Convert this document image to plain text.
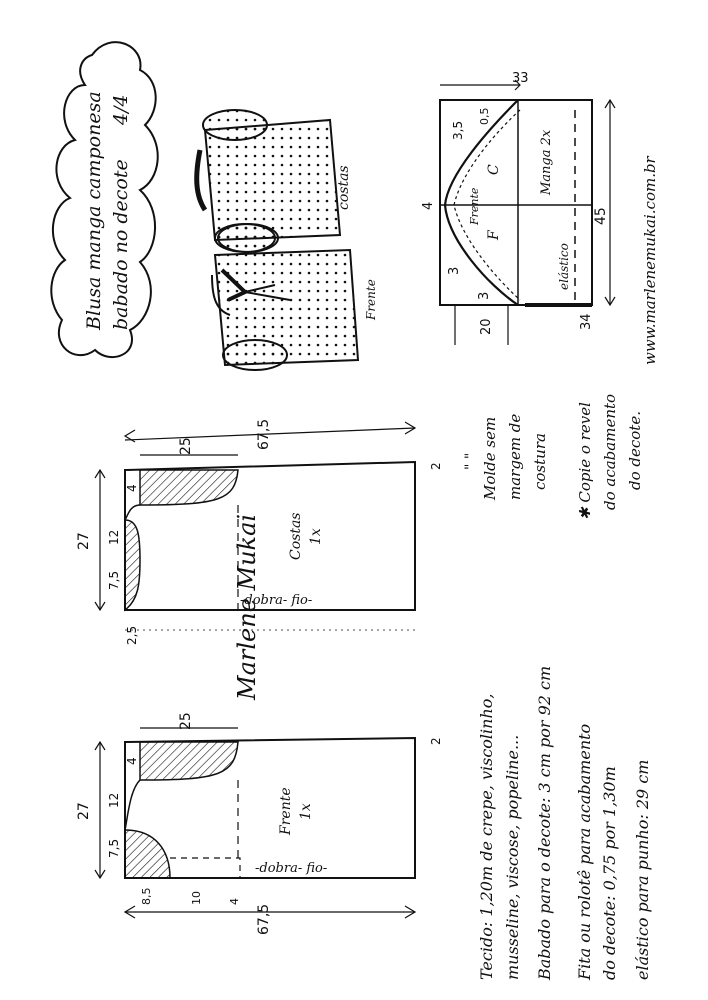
Blusa manga camponesa babado no decote
4/4
costas
Frente
33
3,5
0,5
4
3
3
20
45
34
Frente
F
C	Manga 2x
elástico	www.marlenemukai.com.br
" " Molde sem margem de costura ✱ Copie o revel do acabamento do decote.
67,5
25
2
27
4
12
7,5
2,5
Costas 1x
-dobra- fio-
25
2
27
4
12
7,5
8,5	10 4
67,5
Frente 1x
-dobra- fio-
Marlene Mukai
Tecido: 1,20m de crepe, viscolinho, musseline, viscose, popeline... Babado para o decote: 3 cm por 92 cm Fita ou rolotê para acabamento do decote: 0,75 por 1,30m elástico para punho: 29 cm
